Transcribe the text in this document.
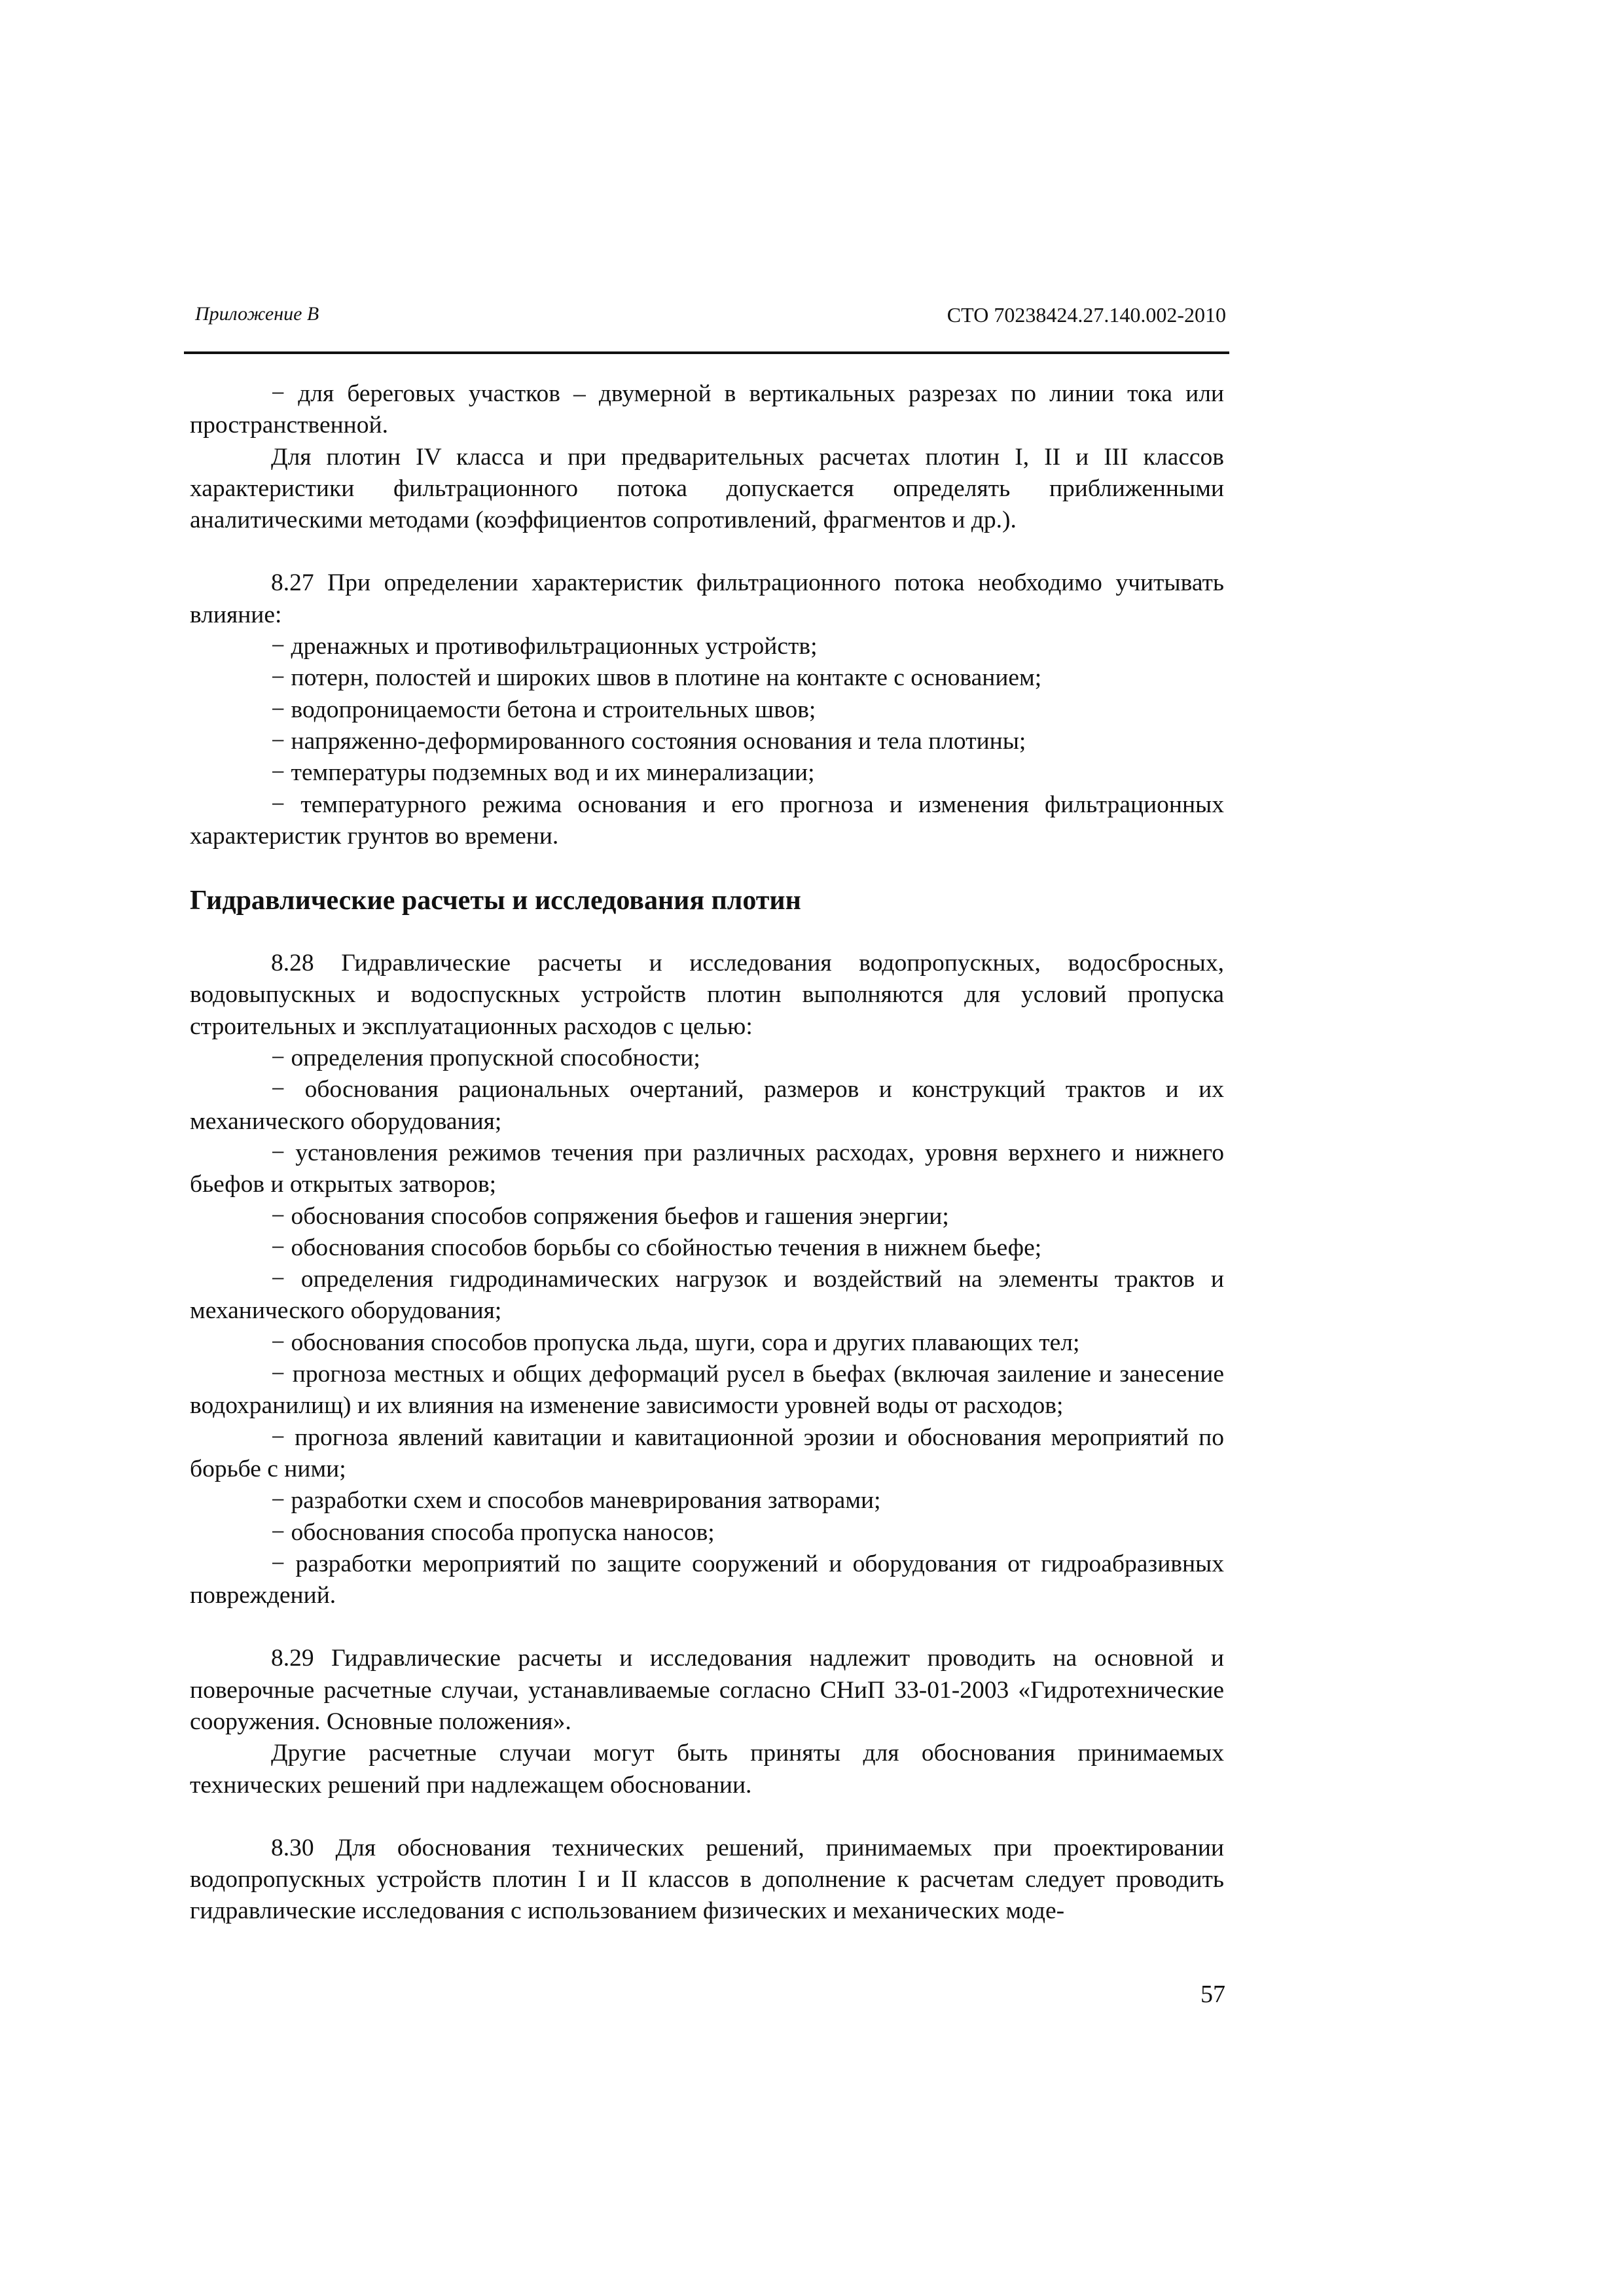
Приложение В	СТО 70238424.27.140.002-2010

− для береговых участков – двумерной в вертикальных разрезах по линии тока или пространственной.

Для плотин IV класса и при предварительных расчетах плотин I, II и III классов характеристики фильтрационного потока допускается определять приближенными аналитическими методами (коэффициентов сопротивлений, фрагментов и др.).

8.27 При определении характеристик фильтрационного потока необходимо учитывать влияние:

− дренажных и противофильтрационных устройств;

− потерн, полостей и широких швов в плотине на контакте с основанием;

− водопроницаемости бетона и строительных швов;

− напряженно-деформированного состояния основания и тела плотины;

− температуры подземных вод и их минерализации;

− температурного режима основания и его прогноза и изменения фильтрационных характеристик грунтов во времени.

Гидравлические расчеты и исследования плотин

8.28 Гидравлические расчеты и исследования водопропускных, водосбросных, водовыпускных и водоспускных устройств плотин выполняются для условий пропуска строительных и эксплуатационных расходов с целью:

− определения пропускной способности;

− обоснования рациональных очертаний, размеров и конструкций трактов и их механического оборудования;

− установления режимов течения при различных расходах, уровня верхнего и нижнего бьефов и открытых затворов;

− обоснования способов сопряжения бьефов и гашения энергии;

− обоснования способов борьбы со сбойностью течения в нижнем бьефе;

− определения гидродинамических нагрузок и воздействий на элементы трактов и механического оборудования;

− обоснования способов пропуска льда, шуги, сора и других плавающих тел;

− прогноза местных и общих деформаций русел в бьефах (включая заиление и занесение водохранилищ) и их влияния на изменение зависимости уровней воды от расходов;

− прогноза явлений кавитации и кавитационной эрозии и обоснования мероприятий по борьбе с ними;

− разработки схем и способов маневрирования затворами;

− обоснования способа пропуска наносов;

− разработки мероприятий по защите сооружений и оборудования от гидроабразивных повреждений.

8.29 Гидравлические расчеты и исследования надлежит проводить на основной и поверочные расчетные случаи, устанавливаемые согласно СНиП 33-01-2003 «Гидротехнические сооружения. Основные положения».

Другие расчетные случаи могут быть приняты для обоснования принимаемых технических решений при надлежащем обосновании.

8.30 Для обоснования технических решений, принимаемых при проектировании водопропускных устройств плотин I и II классов в дополнение к расчетам следует проводить гидравлические исследования с использованием физических и механических моде-

57
